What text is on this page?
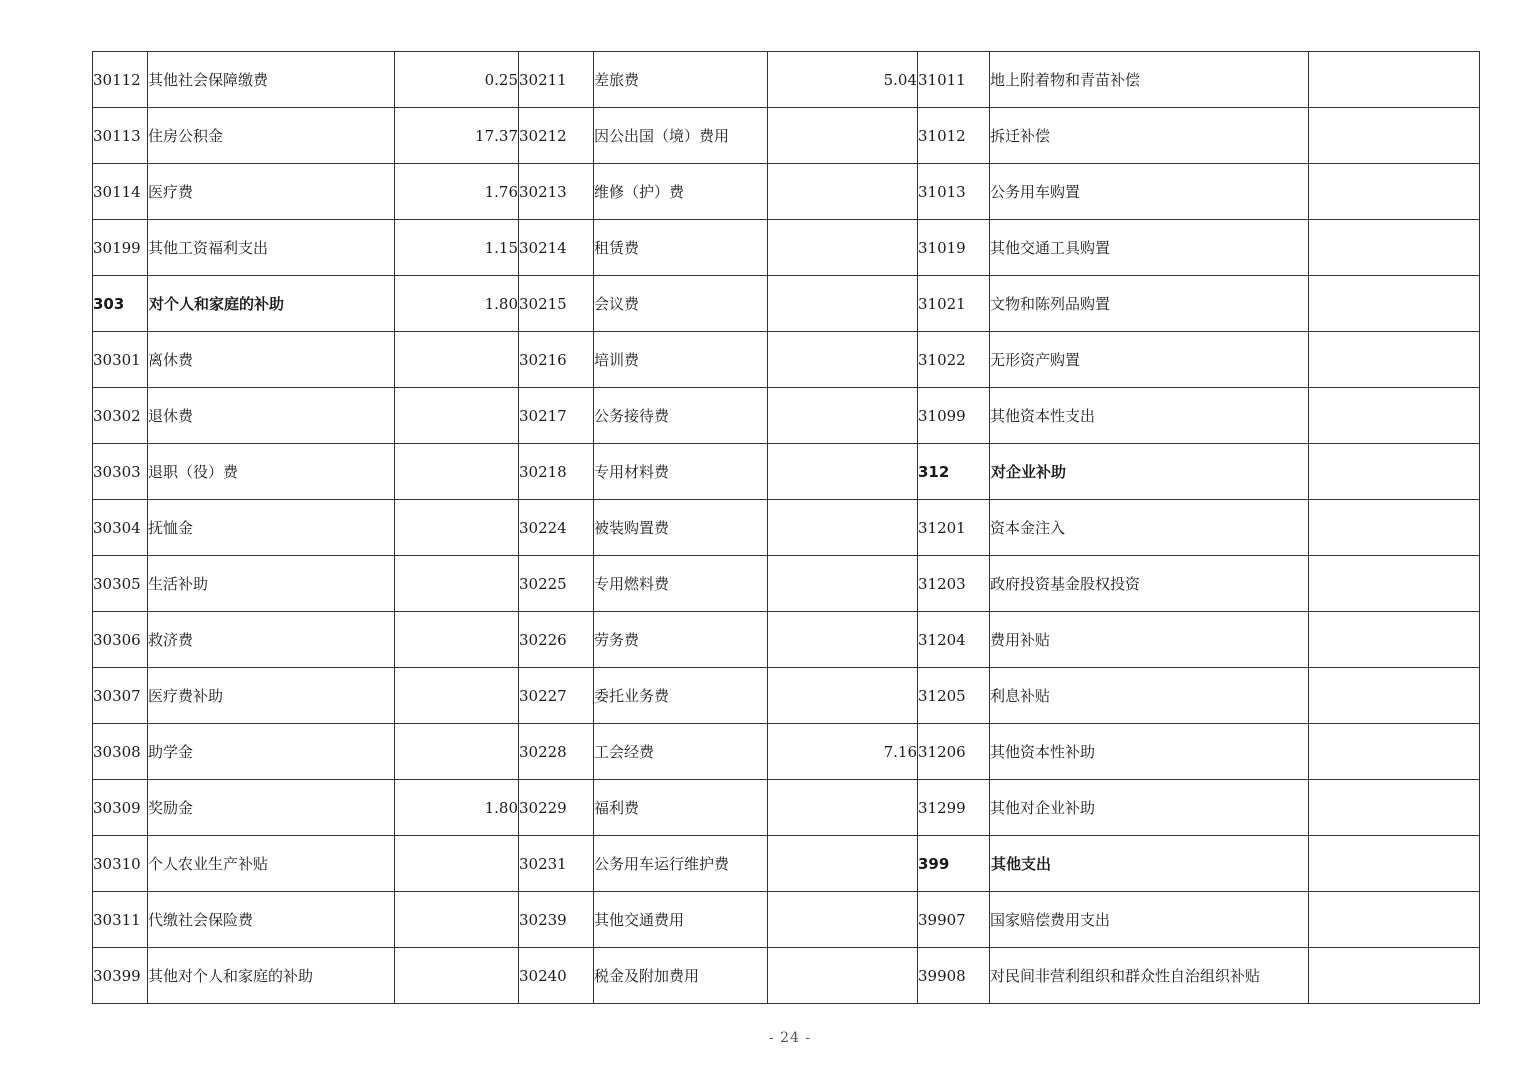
30112	其他社会保障缴费	0.25	30211	差旅费	5.04	31011	地上附着物和青苗补偿	
30113	住房公积金	17.37	30212	因公出国（境）费用		31012	拆迁补偿	
30114	医疗费	1.76	30213	维修（护）费		31013	公务用车购置	
30199	其他工资福利支出	1.15	30214	租赁费		31019	其他交通工具购置	
303	对个人和家庭的补助	1.80	30215	会议费		31021	文物和陈列品购置	
30301	离休费		30216	培训费		31022	无形资产购置	
30302	退休费		30217	公务接待费		31099	其他资本性支出	
30303	退职（役）费		30218	专用材料费		312	对企业补助	
30304	抚恤金		30224	被装购置费		31201	资本金注入	
30305	生活补助		30225	专用燃料费		31203	政府投资基金股权投资	
30306	救济费		30226	劳务费		31204	费用补贴	
30307	医疗费补助		30227	委托业务费		31205	利息补贴	
30308	助学金		30228	工会经费	7.16	31206	其他资本性补助	
30309	奖励金	1.80	30229	福利费		31299	其他对企业补助	
30310	个人农业生产补贴		30231	公务用车运行维护费		399	其他支出	
30311	代缴社会保险费		30239	其他交通费用		39907	国家赔偿费用支出	
30399	其他对个人和家庭的补助		30240	税金及附加费用		39908	对民间非营利组织和群众性自治组织补贴	
- 24 -
